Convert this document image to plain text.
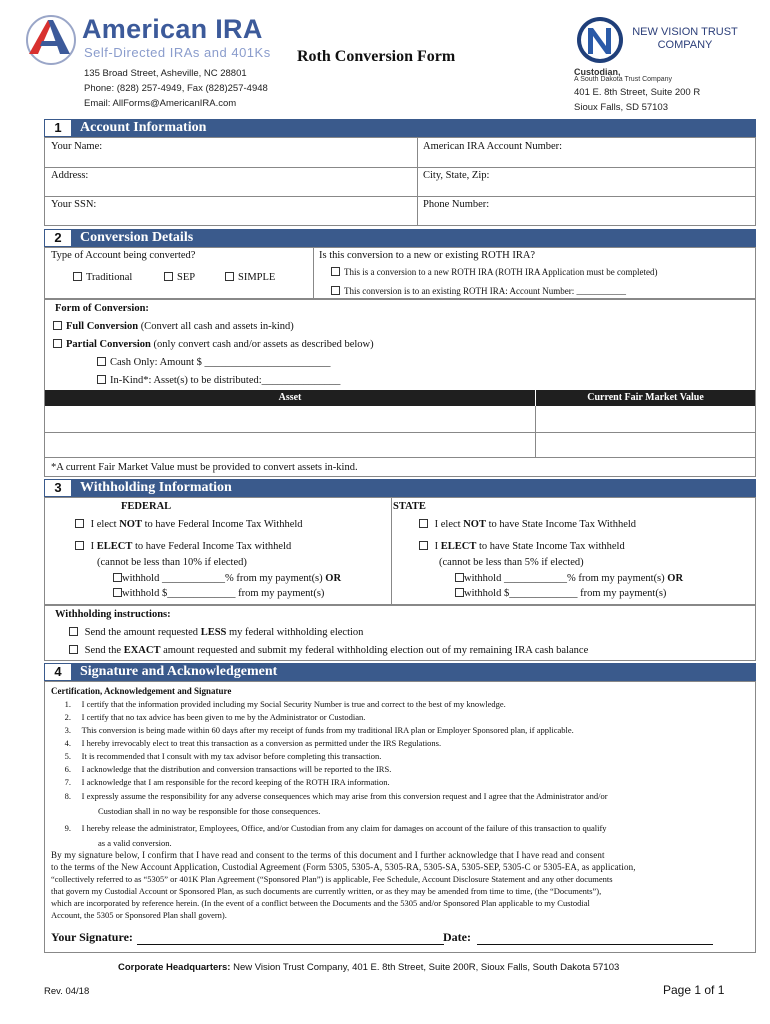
American IRA
Self-Directed IRAs and 401Ks
135 Broad Street, Asheville, NC 28801
Phone: (828) 257-4949, Fax (828)257-4948
Email: AllForms@AmericanIRA.com
Roth Conversion Form
NEW VISION TRUST
COMPANY
Custodian,
A South Dakota Trust Company
401 E. 8th Street, Suite 200 R
Sioux Falls, SD 57103
1	Account Information
Your Name:	American IRA Account Number:
Address:	City, State, Zip:
Your SSN:	Phone Number:
2	Conversion Details
Type of Account being converted?
Traditional	SEP	SIMPLE
Is this conversion to a new or existing ROTH IRA?
This is a conversion to a new ROTH IRA (ROTH IRA Application must be completed)
This conversion is to an existing ROTH IRA: Account Number: ___________
Form of Conversion:
Full Conversion (Convert all cash and assets in-kind)
Partial Conversion (only convert cash and/or assets as described below)
Cash Only: Amount $ ________________________
In-Kind*: Asset(s) to be distributed:_______________
Asset	Current Fair Market Value
*A current Fair Market Value must be provided to convert assets in-kind.
3	Withholding Information
FEDERAL	STATE
I elect NOT to have Federal Income Tax Withheld
I ELECT to have Federal Income Tax withheld
(cannot be less than 10% if elected)
withhold ____________% from my payment(s) OR
withhold $_____________ from my payment(s)
I elect NOT to have State Income Tax Withheld
I ELECT to have State Income Tax withheld
(cannot be less than 5% if elected)
withhold ____________% from my payment(s) OR
withhold $_____________ from my payment(s)
Withholding instructions:
Send the amount requested LESS my federal withholding election
Send the EXACT amount requested and submit my federal withholding election out of my remaining IRA cash balance
4	Signature and Acknowledgement
Certification, Acknowledgement and Signature
1. I certify that the information provided including my Social Security Number is true and correct to the best of my knowledge.
2. I certify that no tax advice has been given to me by the Administrator or Custodian.
3. This conversion is being made within 60 days after my receipt of funds from my traditional IRA plan or Employer Sponsored plan, if applicable.
4. I hereby irrevocably elect to treat this transaction as a conversion as permitted under the IRS Regulations.
5. It is recommended that I consult with my tax advisor before completing this transaction.
6. I acknowledge that the distribution and conversion transactions will be reported to the IRS.
7. I acknowledge that I am responsible for the record keeping of the ROTH IRA information.
8. I expressly assume the responsibility for any adverse consequences which may arise from this conversion request and I agree that the Administrator and/or
Custodian shall in no way be responsible for those consequences.
9. I hereby release the administrator, Employees, Office, and/or Custodian from any claim for damages on account of the failure of this transaction to qualify
as a valid conversion.
By my signature below, I confirm that I have read and consent to the terms of this document and I further acknowledge that I have read and consent
to the terms of the New Account Application, Custodial Agreement (Form 5305, 5305-A, 5305-RA, 5305-SA, 5305-SEP, 5305-C or 5305-EA, as application,
“collectively referred to as “5305” or 401K Plan Agreement (“Sponsored Plan”) is applicable, Fee Schedule, Account Disclosure Statement and any other documents
that govern my Custodial Account or Sponsored Plan, as such documents are currently written, or as they may be amended from time to time, (the “Documents”),
which are incorporated by reference herein. (In the event of a conflict between the Documents and the 5305 and/or Sponsored Plan applicable to my Custodial
Account, the 5305 or Sponsored Plan shall govern).
Your Signature:	Date:
Corporate Headquarters: New Vision Trust Company, 401 E. 8th Street, Suite 200R, Sioux Falls, South Dakota 57103
Rev. 04/18	Page 1 of 1
